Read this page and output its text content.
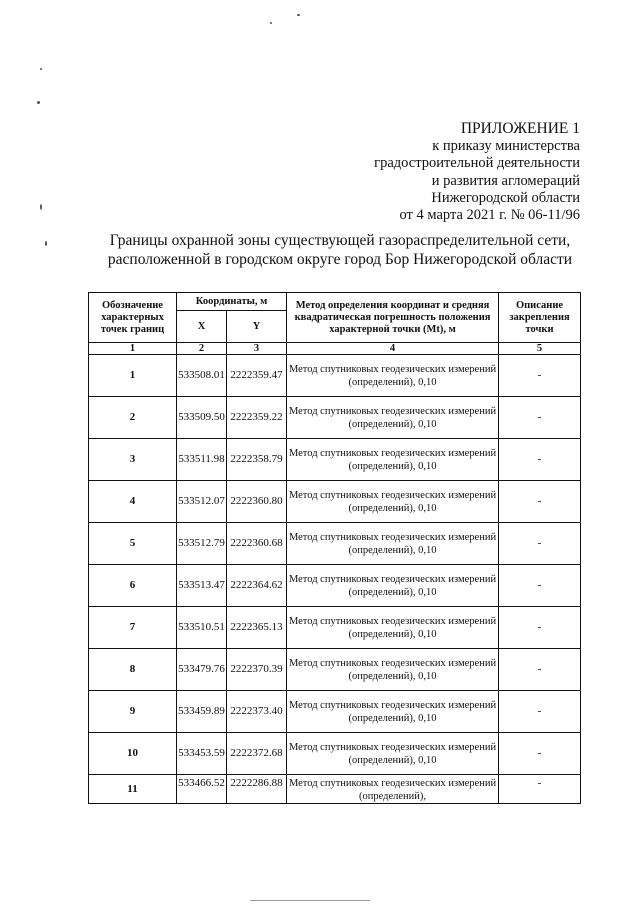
ПРИЛОЖЕНИЕ 1
к приказу министерства
градостроительной деятельности
и развития агломераций
Нижегородской области
от 4 марта 2021 г. № 06-11/96
Границы охранной зоны существующей газораспределительной сети,
расположенной в городском округе город Бор Нижегородской области
Обозначение характерных точек границ	Координаты, м		Метод определения координат и средняя квадратическая погрешность положения характерной точки (Mt), м	Описание закрепления точки
	X	Y		
1	2	3	4	5
1	533508.01	2222359.47	Метод спутниковых геодезических измерений (определений), 0,10	-
2	533509.50	2222359.22	Метод спутниковых геодезических измерений (определений), 0,10	-
3	533511.98	2222358.79	Метод спутниковых геодезических измерений (определений), 0,10	-
4	533512.07	2222360.80	Метод спутниковых геодезических измерений (определений), 0,10	-
5	533512.79	2222360.68	Метод спутниковых геодезических измерений (определений), 0,10	-
6	533513.47	2222364.62	Метод спутниковых геодезических измерений (определений), 0,10	-
7	533510.51	2222365.13	Метод спутниковых геодезических измерений (определений), 0,10	-
8	533479.76	2222370.39	Метод спутниковых геодезических измерений (определений), 0,10	-
9	533459.89	2222373.40	Метод спутниковых геодезических измерений (определений), 0,10	-
10	533453.59	2222372.68	Метод спутниковых геодезических измерений (определений), 0,10	-
11	533466.52	2222286.88	Метод спутниковых геодезических измерений (определений),	-
